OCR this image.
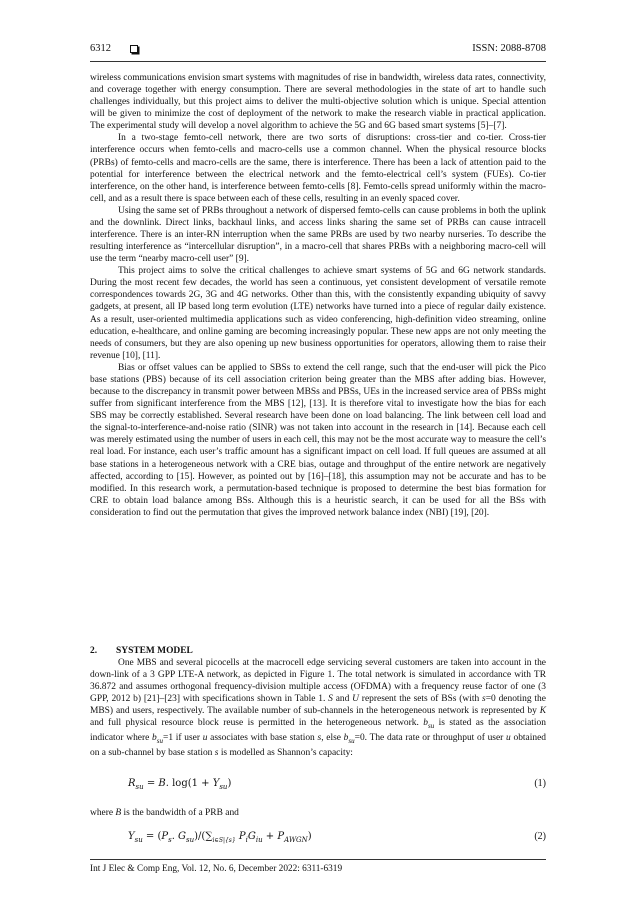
6312	ISSN: 2088-8708

wireless communications envision smart systems with magnitudes of rise in bandwidth, wireless data rates, connectivity, and coverage together with energy consumption. There are several methodologies in the state of art to handle such challenges individually, but this project aims to deliver the multi-objective solution which is unique. Special attention will be given to minimize the cost of deployment of the network to make the research viable in practical application. The experimental study will develop a novel algorithm to achieve the 5G and 6G based smart systems [5]–[7].

In a two-stage femto-cell network, there are two sorts of disruptions: cross-tier and co-tier. Cross-tier interference occurs when femto-cells and macro-cells use a common channel. When the physical resource blocks (PRBs) of femto-cells and macro-cells are the same, there is interference. There has been a lack of attention paid to the potential for interference between the electrical network and the femto-electrical cell’s system (FUEs). Co-tier interference, on the other hand, is interference between femto-cells [8]. Femto-cells spread uniformly within the macro-cell, and as a result there is space between each of these cells, resulting in an evenly spaced cover.

Using the same set of PRBs throughout a network of dispersed femto-cells can cause problems in both the uplink and the downlink. Direct links, backhaul links, and access links sharing the same set of PRBs can cause intracell interference. There is an inter-RN interruption when the same PRBs are used by two nearby nurseries. To describe the resulting interference as “intercellular disruption”, in a macro-cell that shares PRBs with a neighboring macro-cell will use the term “nearby macro-cell user” [9].

This project aims to solve the critical challenges to achieve smart systems of 5G and 6G network standards. During the most recent few decades, the world has seen a continuous, yet consistent development of versatile remote correspondences towards 2G, 3G and 4G networks. Other than this, with the consistently expanding ubiquity of savvy gadgets, at present, all IP based long term evolution (LTE) networks have turned into a piece of regular daily existence. As a result, user-oriented multimedia applications such as video conferencing, high-definition video streaming, online education, e-healthcare, and online gaming are becoming increasingly popular. These new apps are not only meeting the needs of consumers, but they are also opening up new business opportunities for operators, allowing them to raise their revenue [10], [11].

Bias or offset values can be applied to SBSs to extend the cell range, such that the end-user will pick the Pico base stations (PBS) because of its cell association criterion being greater than the MBS after adding bias. However, because to the discrepancy in transmit power between MBSs and PBSs, UEs in the increased service area of PBSs might suffer from significant interference from the MBS [12], [13]. It is therefore vital to investigate how the bias for each SBS may be correctly established. Several research have been done on load balancing. The link between cell load and the signal-to-interference-and-noise ratio (SINR) was not taken into account in the research in [14]. Because each cell was merely estimated using the number of users in each cell, this may not be the most accurate way to measure the cell’s real load. For instance, each user’s traffic amount has a significant impact on cell load. If full queues are assumed at all base stations in a heterogeneous network with a CRE bias, outage and throughput of the entire network are negatively affected, according to [15]. However, as pointed out by [16]–[18], this assumption may not be accurate and has to be modified. In this research work, a permutation-based technique is proposed to determine the best bias formation for CRE to obtain load balance among BSs. Although this is a heuristic search, it can be used for all the BSs with consideration to find out the permutation that gives the improved network balance index (NBI) [19], [20].

2. SYSTEM MODEL

One MBS and several picocells at the macrocell edge servicing several customers are taken into account in the down-link of a 3 GPP LTE-A network, as depicted in Figure 1. The total network is simulated in accordance with TR 36.872 and assumes orthogonal frequency-division multiple access (OFDMA) with a frequency reuse factor of one (3 GPP, 2012 b) [21]–[23] with specifications shown in Table 1. S and U represent the sets of BSs (with s=0 denoting the MBS) and users, respectively. The available number of sub-channels in the heterogeneous network is represented by K and full physical resource block reuse is permitted in the heterogeneous network. $b_{su}$ is stated as the association indicator where $b_{su}=1$ if user u associates with base station s, else $b_{su}=0$. The data rate or throughput of user u obtained on a sub-channel by base station s is modelled as Shannon’s capacity:

$R_{su} = B$. $\log(1 + Y_{su})$	(1)
where B is the bandwidth of a PRB and
$Y_{su} = (P_s$. $G_{su})/(\sum_{i\in S|\{s\}}$ $P_iG_{iu} + P_{AWGN}$)	(2)
Int J Elec & Comp Eng, Vol. 12, No. 6, December 2022: 6311-6319
